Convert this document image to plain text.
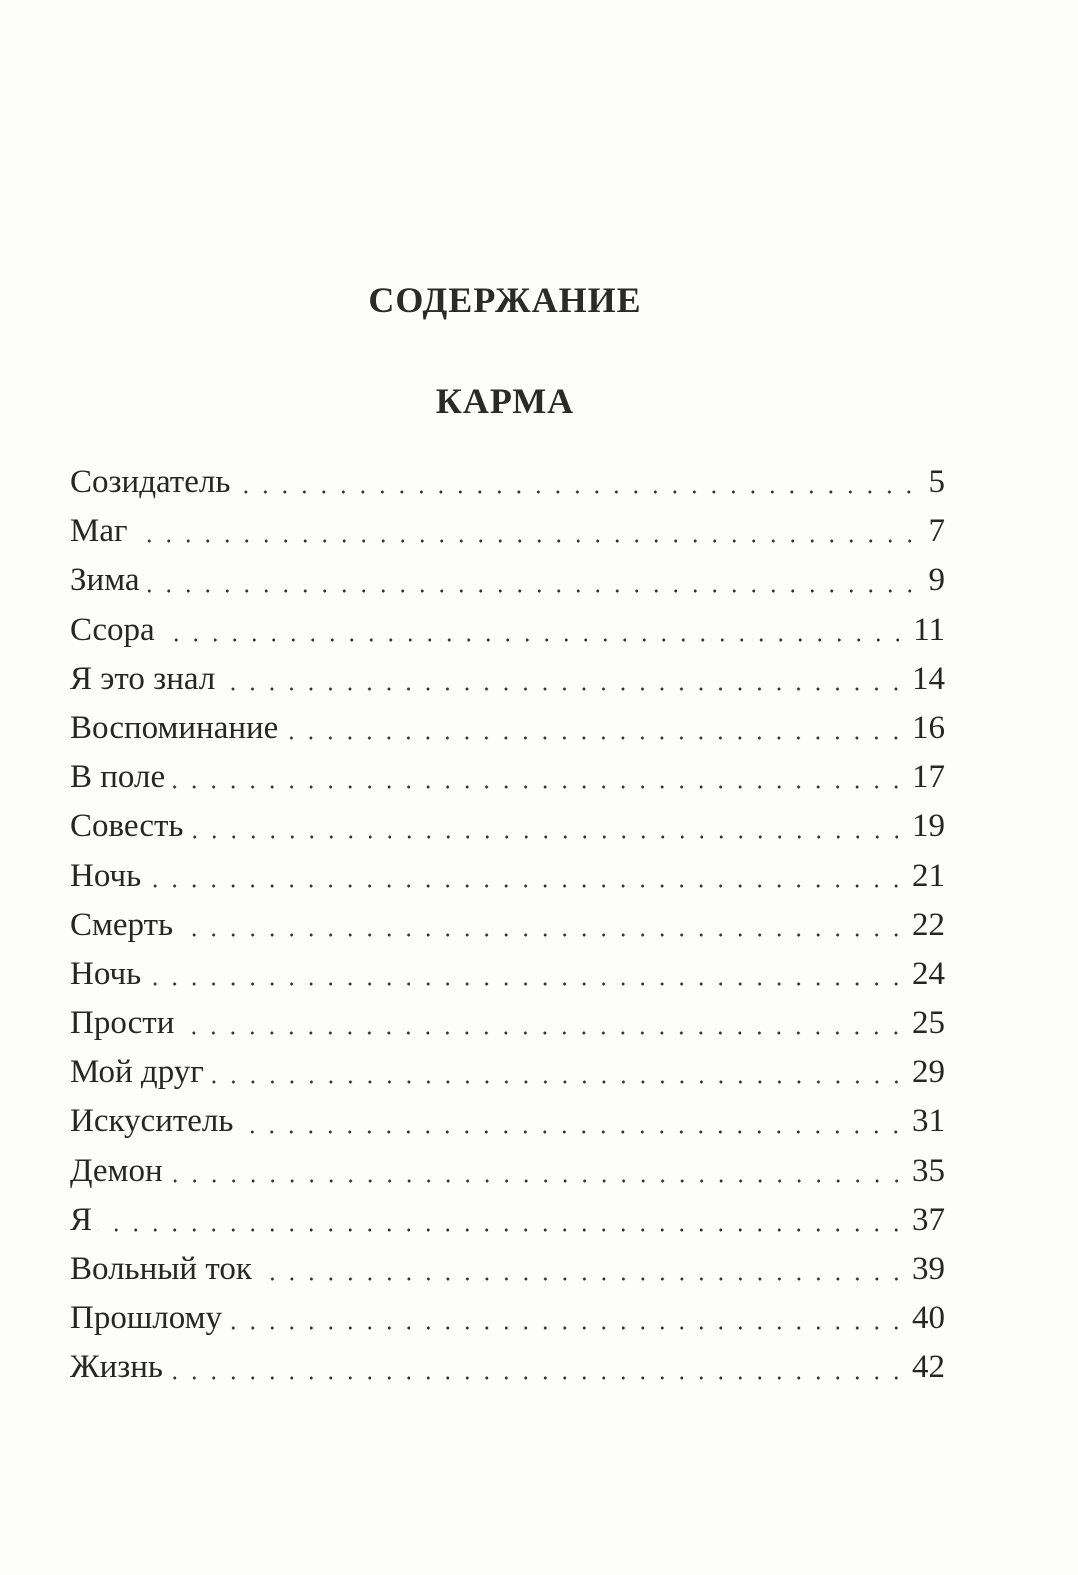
СОДЕРЖАНИЕ
КАРМА
Созидатель	5
Маг	7
Зима	9
Ссора	11
Я это знал	14
Воспоминание	16
В поле	17
Совесть	19
Ночь	21
Смерть	22
Ночь	24
Прости	25
Мой друг	29
Искуситель	31
Демон	35
Я	37
Вольный ток	39
Прошлому	40
Жизнь	42
